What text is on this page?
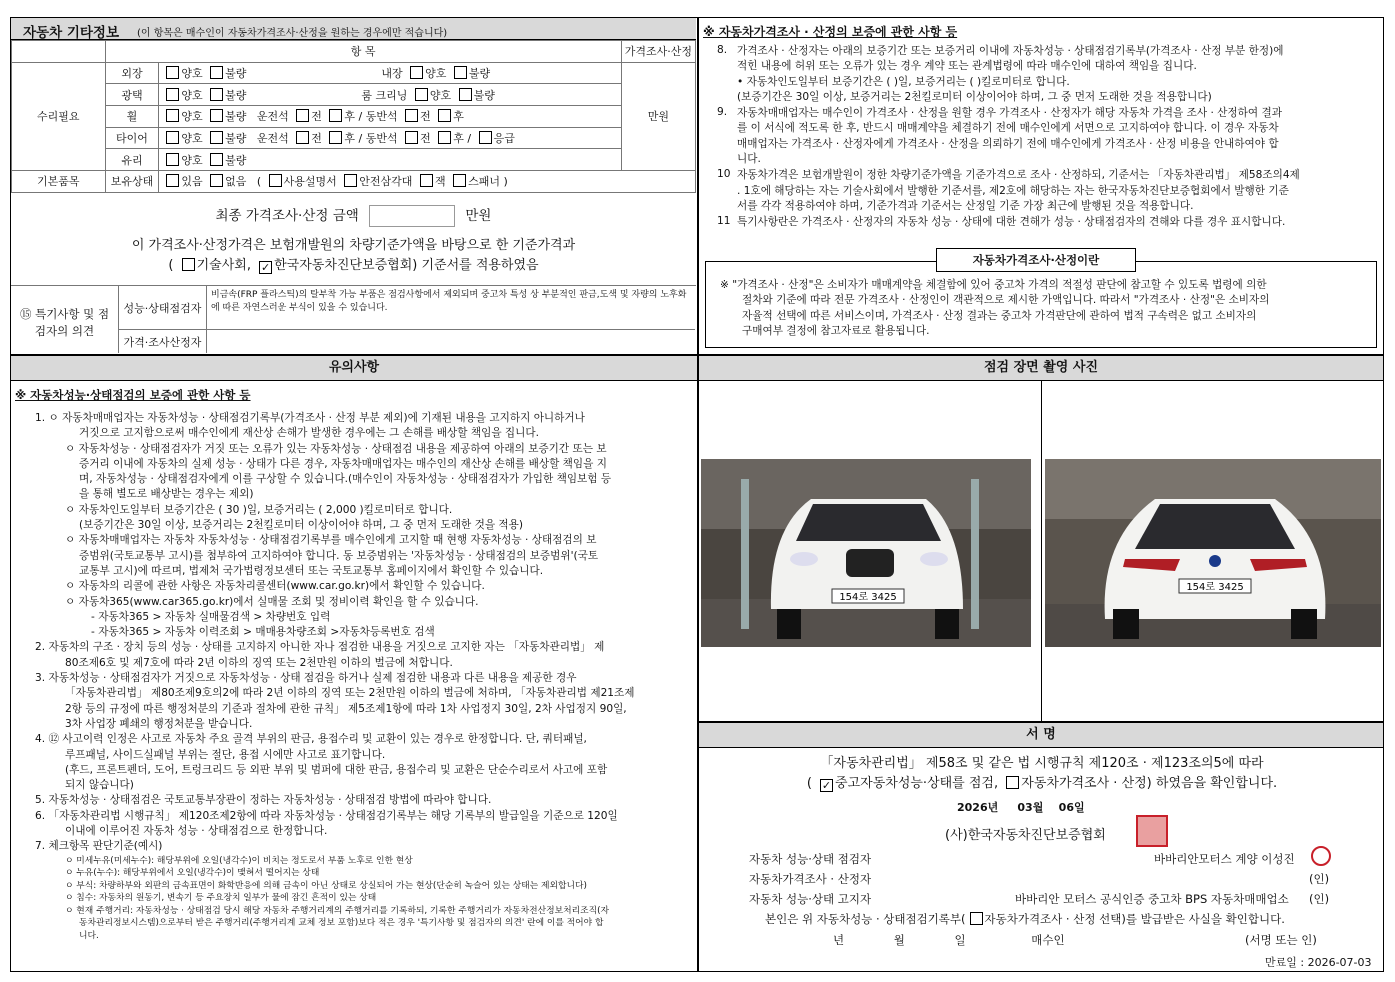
자동차 기타정보 (이 항목은 매수인이 자동차가격조사·산정을 원하는 경우에만 적습니다)
	항 목		가격조사·산정
수리필요	외장	양호 불량 내장 양호 불량	만원
	광택	양호 불량 룸 크리닝 양호 불량	
	휠	양호 불량 운전석 전 후 / 동반석 전 후	
	타이어	양호 불량 운전석 전 후 / 동반석 전 후 / 응급	
	유리	양호 불량	
기본품목	보유상태	있음 없음   ( 사용설명서 안전삼각대 잭 스패너 )	
최종 가격조사·산정 금액	만원
이 가격조사·산정가격은 보험개발원의 차량기준가액을 바탕으로 한 기준가격과
( 기술사회, ✓ 한국자동차진단보증협회) 기준서를 적용하였음
⑮ 특기사항 및 점검자의 의견
성능·상태점검자
비금속(FRP 플라스틱)의 탈부착 가능 부품은 점검사항에서 제외되며 중고차 특성 상 부분적인 판금,도색 및 자량의 노후화에 따른 자연스러운 부식이 있을 수 있습니다.
가격·조사산정자
※ 자동차가격조사 · 산정의 보증에 관한 사항 등
8. 가격조사 · 산정자는 아래의 보증기간 또는 보증거리 이내에 자동차성능 · 상태점검기록부(가격조사 · 산정 부분 한정)에
적힌 내용에 허위 또는 오류가 있는 경우 계약 또는 관계법령에 따라 매수인에 대하여 책임을 집니다.
• 자동차인도일부터 보증기간은 ( )일, 보증거리는 ( )킬로미터로 합니다.
(보증기간은 30일 이상, 보증거리는 2천킬로미터 이상이어야 하며, 그 중 먼저 도래한 것을 적용합니다)
9. 자동차매매업자는 매수인이 가격조사 · 산정을 원할 경우 가격조사 · 산정자가 해당 자동차 가격을 조사 · 산정하여 결과
를 이 서식에 적도록 한 후, 반드시 매매계약을 체결하기 전에 매수인에게 서면으로 고지하여야 합니다. 이 경우 자동차
매매업자는 가격조사 · 산정자에게 가격조사 · 산정을 의뢰하기 전에 매수인에게 가격조사 · 산정 비용을 안내하여야 합
니다.
10 자동차가격은 보험개발원이 정한 차량기준가액을 기준가격으로 조사 · 산정하되, 기준서는 「자동차관리법」 제58조의4제
. 1호에 해당하는 자는 기술사회에서 발행한 기준서를, 제2호에 해당하는 자는 한국자동차진단보증협회에서 발행한 기준
서를 각각 적용하여야 하며, 기준가격과 기준서는 산정일 기준 가장 최근에 발행된 것을 적용합니다.
11 특기사항란은 가격조사 · 산정자의 자동차 성능 · 상태에 대한 견해가 성능 · 상태점검자의 견해와 다를 경우 표시합니다.
자동차가격조사·산정이란
※ "가격조사 · 산정"은 소비자가 매매계약을 체결함에 있어 중고차 가격의 적절성 판단에 참고할 수 있도록 법령에 의한
절차와 기준에 따라 전문 가격조사 · 산정인이 객관적으로 제시한 가액입니다. 따라서 "가격조사 · 산정"은 소비자의
자율적 선택에 따른 서비스이며, 가격조사 · 산정 결과는 중고차 가격판단에 관하여 법적 구속력은 없고 소비자의
구매여부 결정에 참고자료로 활용됩니다.
유의사항
※ 자동차성능·상태점검의 보증에 관한 사항 등
1. ㅇ 자동차매매업자는 자동차성능 · 상태점검기록부(가격조사 · 산정 부분 제외)에 기재된 내용을 고지하지 아니하거나
거짓으로 고지함으로써 매수인에게 재산상 손해가 발생한 경우에는 그 손해를 배상할 책임을 집니다.
ㅇ 자동차성능 · 상태점검자가 거짓 또는 오류가 있는 자동차성능 · 상태점검 내용을 제공하여 아래의 보증기간 또는 보
증거리 이내에 자동차의 실제 성능 · 상태가 다른 경우, 자동차매매업자는 매수인의 재산상 손해를 배상할 책임을 지
며, 자동차성능 · 상태점검자에게 이를 구상할 수 있습니다.(매수인이 자동차성능 · 상태점검자가 가입한 책임보험 등
을 통해 별도로 배상받는 경우는 제외)
ㅇ 자동차인도일부터 보증기간은 ( 30 )일, 보증거리는 ( 2,000 )킬로미터로 합니다.
(보증기간은 30일 이상, 보증거리는 2천킬로미터 이상이어야 하며, 그 중 먼저 도래한 것을 적용)
ㅇ 자동차매매업자는 자동차 자동차성능 · 상태점검기록부를 매수인에게 고지할 때 현행 자동차성능 · 상태점검의 보
증범위(국토교통부 고시)를 첨부하여 고지하여야 합니다. 동 보증범위는 '자동차성능 · 상태점검의 보증범위'(국토
교통부 고시)에 따르며, 법제처 국가법령정보센터 또는 국토교통부 홈페이지에서 확인할 수 있습니다.
ㅇ 자동차의 리콜에 관한 사항은 자동차리콜센터(www.car.go.kr)에서 확인할 수 있습니다.
ㅇ 자동차365(www.car365.go.kr)에서 실매물 조회 및 정비이력 확인을 할 수 있습니다.
- 자동차365 > 자동차 실매물검색 > 차량번호 입력
- 자동차365 > 자동차 이력조회 > 매매용차량조회 >자동차등록번호 검색
2. 자동차의 구조 · 장치 등의 성능 · 상태를 고지하지 아니한 자나 점검한 내용을 거짓으로 고지한 자는 「자동차관리법」 제
80조제6호 및 제7호에 따라 2년 이하의 징역 또는 2천만원 이하의 벌금에 처합니다.
3. 자동차성능 · 상태점검자가 거짓으로 자동차성능 · 상태 점검을 하거나 실제 점검한 내용과 다른 내용을 제공한 경우
「자동차관리법」 제80조제9호의2에 따라 2년 이하의 징역 또는 2천만원 이하의 벌금에 처하며, 「자동차관리법 제21조제
2항 등의 규정에 따른 행정처분의 기준과 절차에 관한 규칙」 제5조제1항에 따라 1차 사업정지 30일, 2차 사업정지 90일,
3차 사업장 폐쇄의 행정처분을 받습니다.
4. ⑫ 사고이력 인정은 사고로 자동차 주요 골격 부위의 판금, 용접수리 및 교환이 있는 경우로 한정합니다. 단, 쿼터패널,
루프패널, 사이드실패널 부위는 절단, 용접 시에만 사고로 표기합니다.
(후드, 프론트펜더, 도어, 트렁크리드 등 외판 부위 및 범퍼에 대한 판금, 용접수리 및 교환은 단순수리로서 사고에 포함
되지 않습니다)
5. 자동차성능 · 상태점검은 국토교통부장관이 정하는 자동차성능 · 상태점검 방법에 따라야 합니다.
6. 「자동차관리법 시행규칙」 제120조제2항에 따라 자동차성능 · 상태점검기록부는 해당 기록부의 발급일을 기준으로 120일
이내에 이루어진 자동차 성능 · 상태점검으로 한정합니다.
7. 체크항목 판단기준(예시)
ㅇ 미세누유(미세누수): 해당부위에 오일(냉각수)이 비치는 정도로서 부품 노후로 인한 현상
ㅇ 누유(누수): 해당부위에서 오일(냉각수)이 맺혀서 떨어지는 상태
ㅇ 부식: 차량하부와 외판의 금속표면이 화학반응에 의해 금속이 아닌 상태로 상실되어 가는 현상(단순히 녹슬어 있는 상태는 제외합니다)
ㅇ 침수: 자동차의 원동기, 변속기 등 주요장치 일부가 물에 잠긴 흔적이 있는 상태
ㅇ 현재 주행거리: 자동차성능 · 상태점검 당시 해당 자동차 주행거리계의 주행거리를 기록하되, 기록한 주행거리가 자동차전산정보처리조직(자
동차관리정보시스템)으로부터 받은 주행거리(주행거리계 교체 정보 포함)보다 적은 경우 '특기사항 및 점검자의 의견' 란에 이를 적어야 합
니다.
점검 장면 촬영 사진
154로 3425
154로 3425
서 명
「자동차관리법」 제58조 및 같은 법 시행규칙 제120조 · 제123조의5에 따라
( ✓ 중고자동차성능·상태를 점검, 자동차가격조사 · 산정) 하였음을 확인합니다.
2026년 03월 06일
(사)한국자동차진단보증협회
자동차 성능·상태 점검자	바바리안모터스 계양 이성진
자동차가격조사 · 산정자	(인)
자동차 성능·상태 고지자	바바리안 모터스 공식인증 중고차 BPS 자동차매매업소 (인)
본인은 위 자동차성능 · 상태점검기록부( 자동차가격조사 · 산정 선택)를 발급받은 사실을 확인합니다.
년	월	일	매수인	(서명 또는 인)
만료일 : 2026-07-03
